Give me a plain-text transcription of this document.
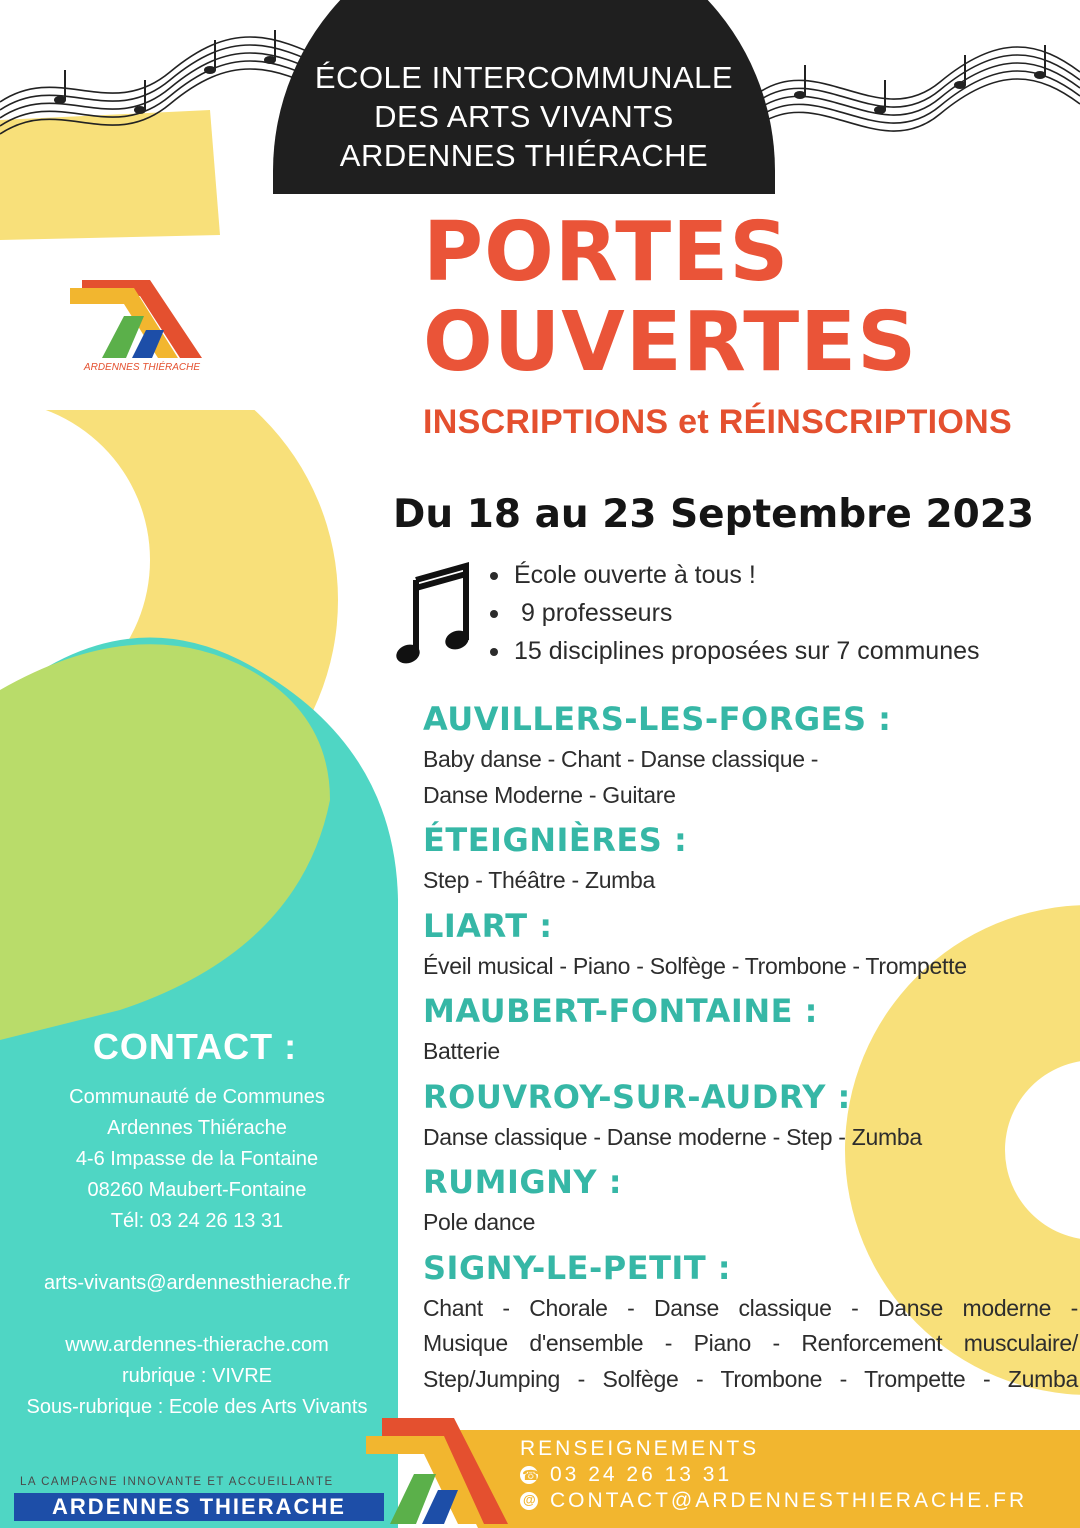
ÉCOLE INTERCOMMUNALE
DES ARTS VIVANTS
ARDENNES THIÉRACHE
ARDENNES THIÉRACHE
PORTES
OUVERTES
INSCRIPTIONS et RÉINSCRIPTIONS
Du 18 au 23 Septembre 2023
École ouverte à tous !
9 professeurs
15 disciplines proposées sur 7 communes

AUVILLERS-LES-FORGES :

Baby danse - Chant - Danse classique -
Danse Moderne - Guitare

ÉTEIGNIÈRES :

Step - Théâtre - Zumba

LIART :

Éveil musical - Piano - Solfège - Trombone - Trompette

MAUBERT-FONTAINE :

Batterie

ROUVROY-SUR-AUDRY :

Danse classique - Danse moderne - Step - Zumba

RUMIGNY :

Pole dance

SIGNY-LE-PETIT :

Chant - Chorale - Danse classique - Danse moderne -
Musique d'ensemble - Piano - Renforcement musculaire/
Step/Jumping - Solfège - Trombone - Trompette - Zumba
CONTACT :
Communauté de Communes
Ardennes Thiérache
4-6 Impasse de la Fontaine
08260 Maubert-Fontaine
Tél: 03 24 26 13 31
arts-vivants@ardennesthierache.fr
www.ardennes-thierache.com
rubrique : VIVRE
Sous-rubrique : Ecole des Arts Vivants
RENSEIGNEMENTS
☎
03 24 26 13 31
@
CONTACT@ARDENNESTHIERACHE.FR
LA CAMPAGNE INNOVANTE ET ACCUEILLANTE
ARDENNES THIERACHE
